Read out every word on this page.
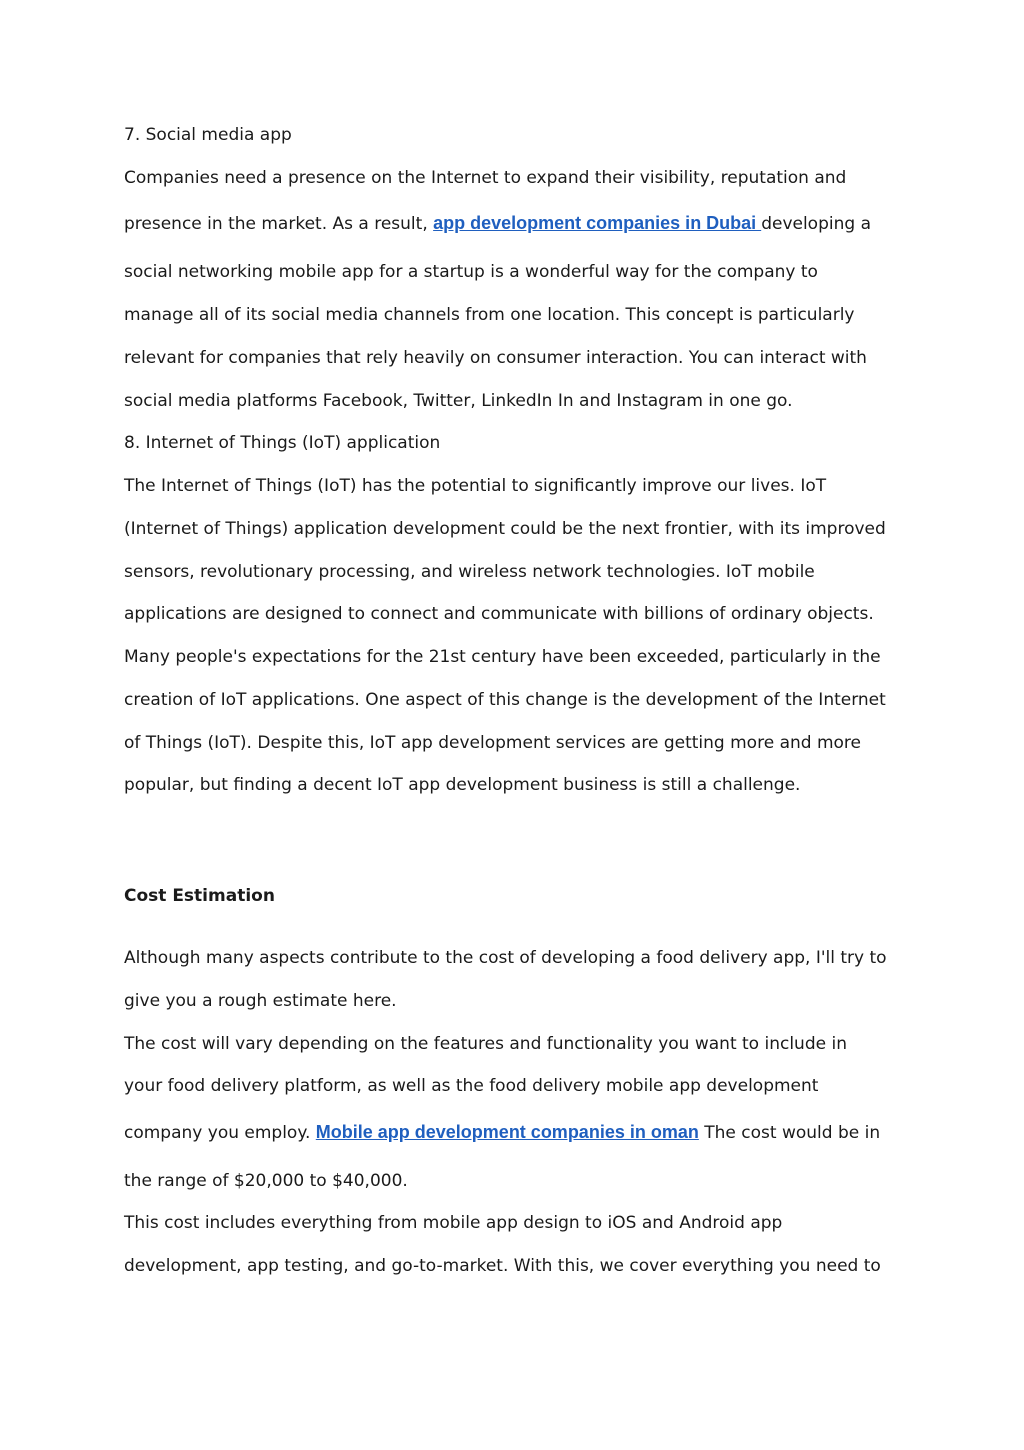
7. Social media app
Companies need a presence on the Internet to expand their visibility, reputation and
presence in the market. As a result, app development companies in Dubai developing a
social networking mobile app for a startup is a wonderful way for the company to
manage all of its social media channels from one location. This concept is particularly
relevant for companies that rely heavily on consumer interaction. You can interact with
social media platforms Facebook, Twitter, LinkedIn In and Instagram in one go.
8. Internet of Things (IoT) application
The Internet of Things (IoT) has the potential to significantly improve our lives. IoT
(Internet of Things) application development could be the next frontier, with its improved
sensors, revolutionary processing, and wireless network technologies. IoT mobile
applications are designed to connect and communicate with billions of ordinary objects.
Many people's expectations for the 21st century have been exceeded, particularly in the
creation of IoT applications. One aspect of this change is the development of the Internet
of Things (IoT). Despite this, IoT app development services are getting more and more
popular, but finding a decent IoT app development business is still a challenge.
Cost Estimation
Although many aspects contribute to the cost of developing a food delivery app, I'll try to
give you a rough estimate here.
The cost will vary depending on the features and functionality you want to include in
your food delivery platform, as well as the food delivery mobile app development
company you employ. Mobile app development companies in oman The cost would be in
the range of $20,000 to $40,000.
This cost includes everything from mobile app design to iOS and Android app
development, app testing, and go-to-market. With this, we cover everything you need to
